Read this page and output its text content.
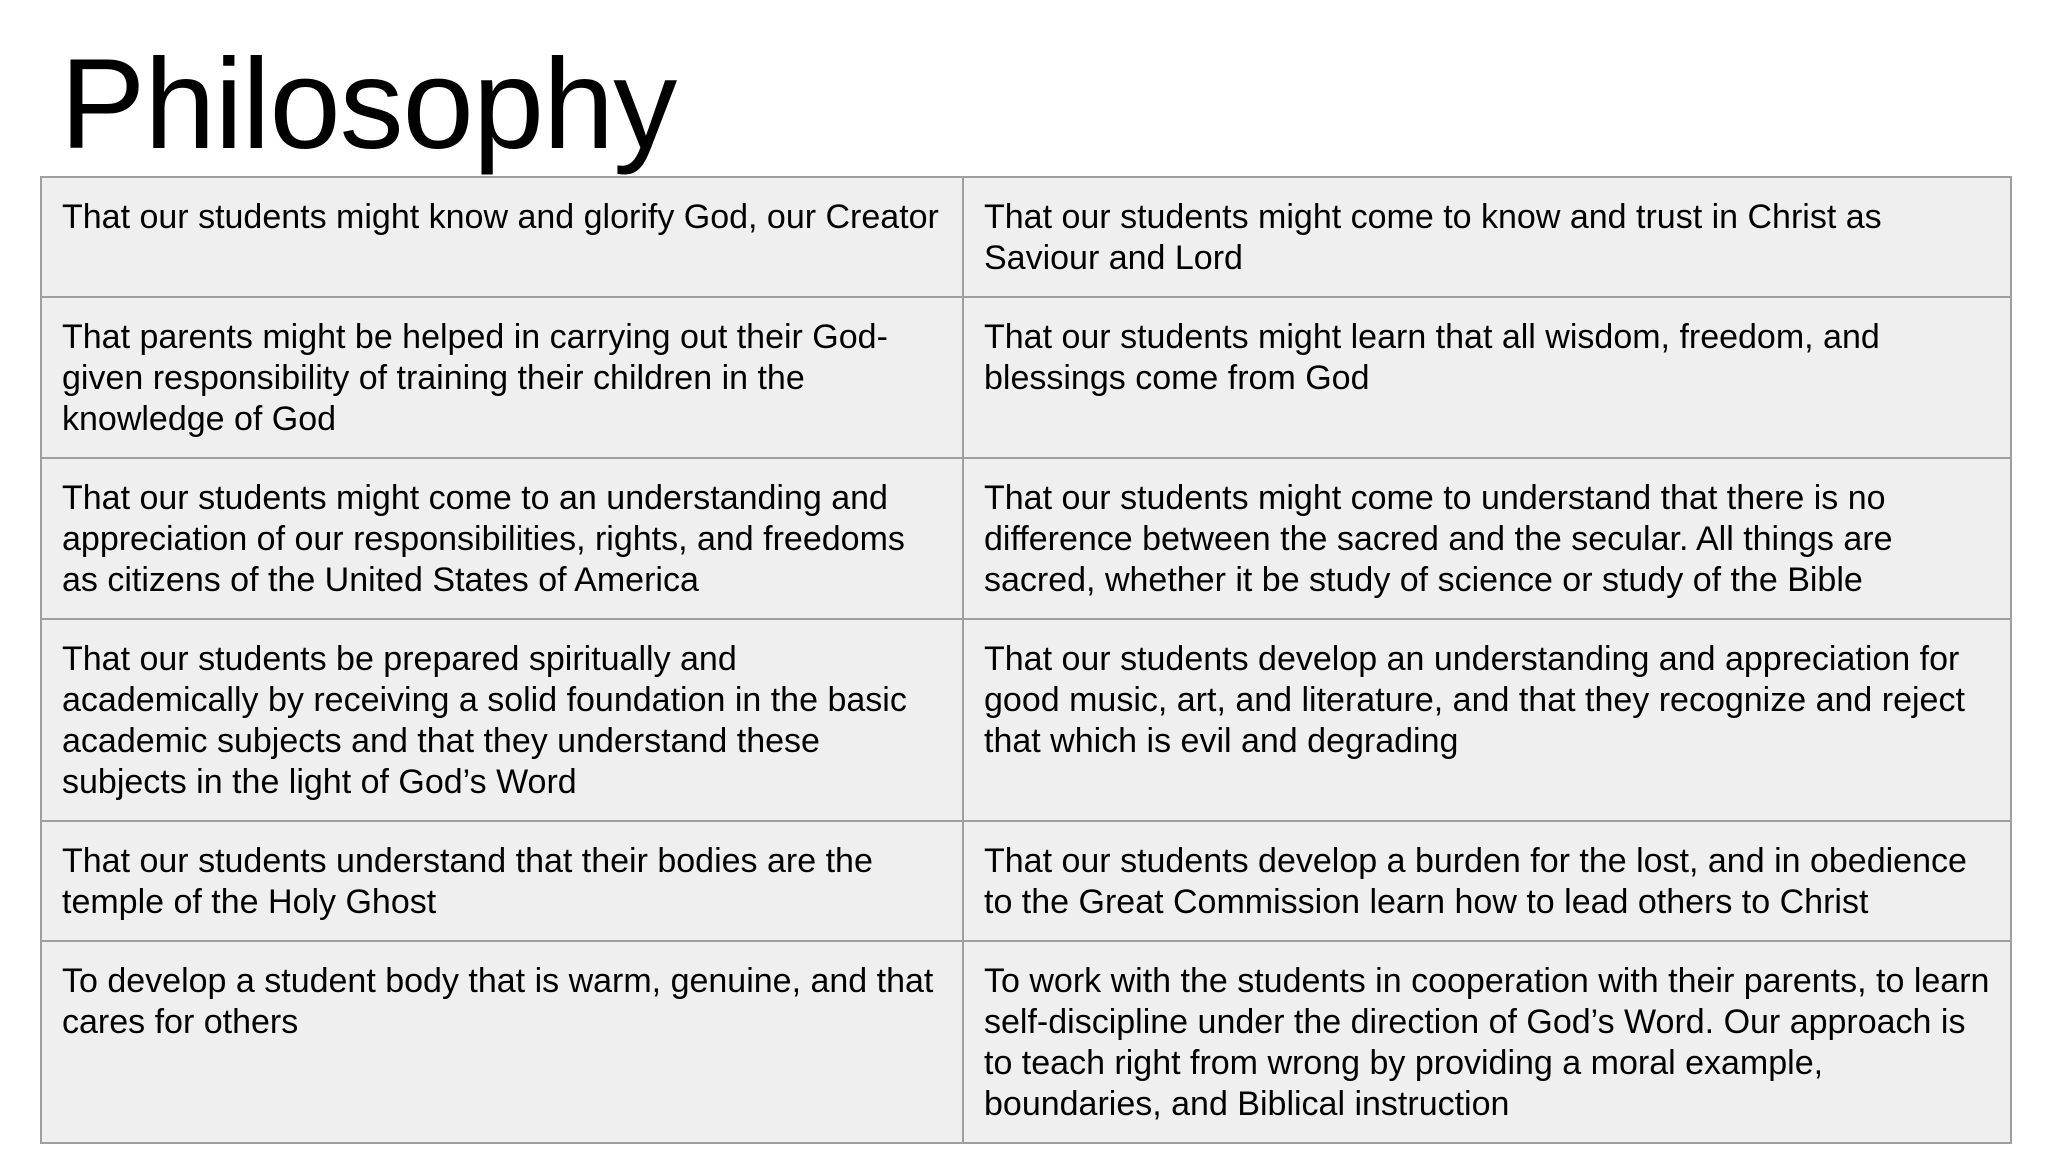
Philosophy
That our students might know and glorify God, our Creator	That our students might come to know and trust in Christ as Saviour and Lord
That parents might be helped in carrying out their God-given responsibility of training their children in the knowledge of God	That our students might learn that all wisdom, freedom, and blessings come from God
That our students might come to an understanding and appreciation of our responsibilities, rights, and freedoms as citizens of the United States of America	That our students might come to understand that there is no difference between the sacred and the secular. All things are sacred, whether it be study of science or study of the Bible
That our students be prepared spiritually and academically by receiving a solid foundation in the basic academic subjects and that they understand these subjects in the light of God’s Word	That our students develop an understanding and appreciation for good music, art, and literature, and that they recognize and reject that which is evil and degrading
That our students understand that their bodies are the temple of the Holy Ghost	That our students develop a burden for the lost, and in obedience to the Great Commission learn how to lead others to Christ
To develop a student body that is warm, genuine, and that cares for others	To work with the students in cooperation with their parents, to learn self-discipline under the direction of God’s Word. Our approach is to teach right from wrong by providing a moral example, boundaries, and Biblical instruction
